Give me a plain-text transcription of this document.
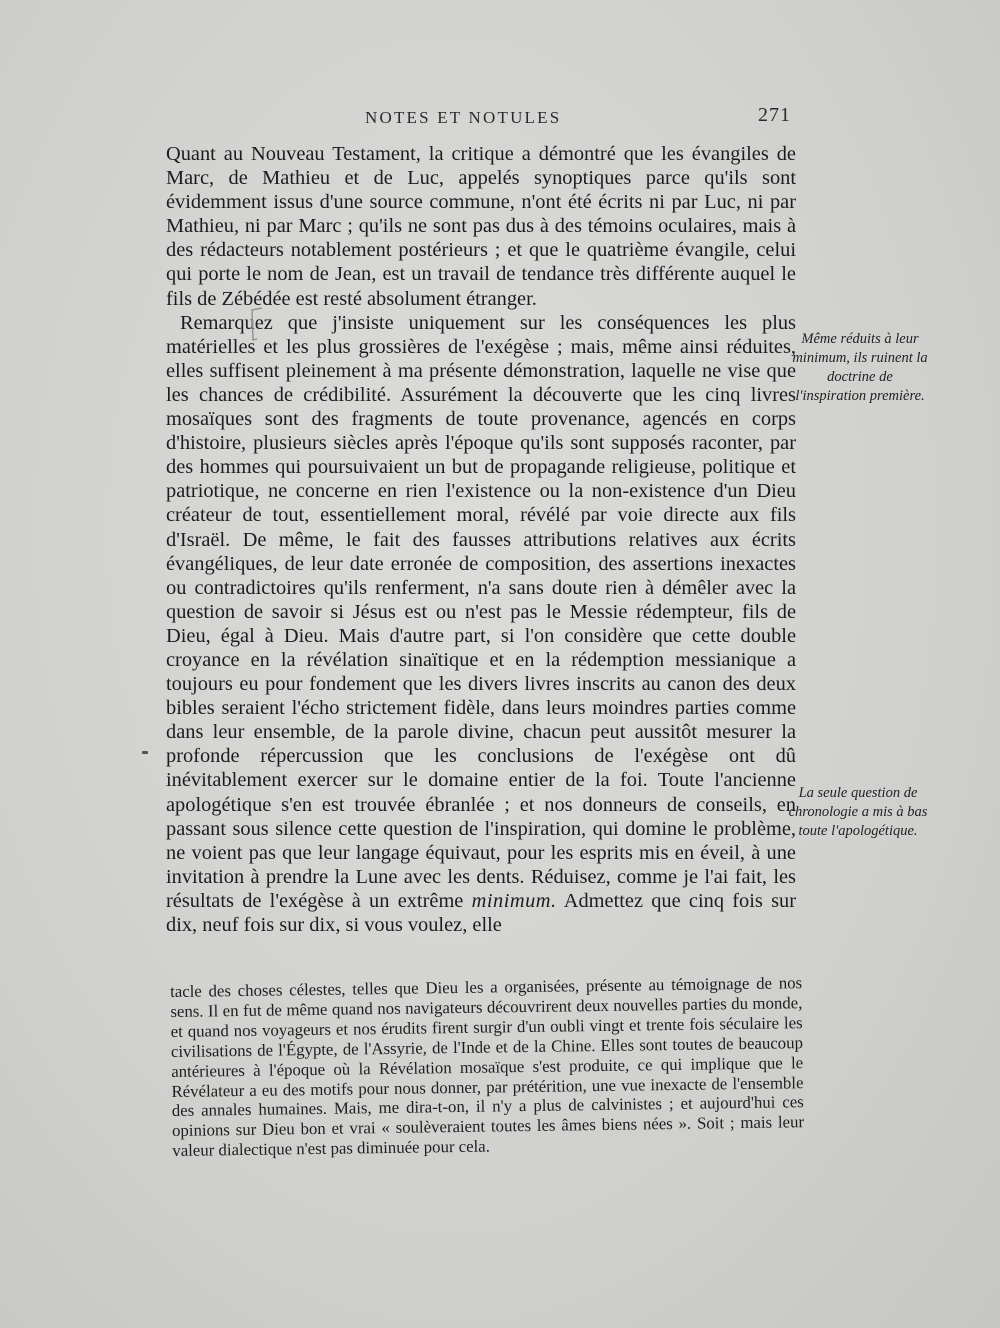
NOTES ET NOTULES	271

Quant au Nouveau Testament, la critique a démontré que les évangiles de Marc, de Mathieu et de Luc, appelés synoptiques parce qu'ils sont évidemment issus d'une source commune, n'ont été écrits ni par Luc, ni par Mathieu, ni par Marc ; qu'ils ne sont pas dus à des témoins oculaires, mais à des rédacteurs notablement postérieurs ; et que le quatrième évangile, celui qui porte le nom de Jean, est un travail de tendance très différente auquel le fils de Zébédée est resté absolument étranger.

Remarquez que j'insiste uniquement sur les conséquences les plus matérielles et les plus grossières de l'exégèse ; mais, même ainsi réduites, elles suffisent pleinement à ma présente démonstration, laquelle ne vise que les chances de crédibilité. Assurément la découverte que les cinq livres mosaïques sont des fragments de toute provenance, agencés en corps d'histoire, plusieurs siècles après l'époque qu'ils sont supposés raconter, par des hommes qui poursuivaient un but de propagande religieuse, politique et patriotique, ne concerne en rien l'existence ou la non-existence d'un Dieu créateur de tout, essentiellement moral, révélé par voie directe aux fils d'Israël. De même, le fait des fausses attributions relatives aux écrits évangéliques, de leur date erronée de composition, des assertions inexactes ou contradictoires qu'ils renferment, n'a sans doute rien à démêler avec la question de savoir si Jésus est ou n'est pas le Messie rédempteur, fils de Dieu, égal à Dieu. Mais d'autre part, si l'on considère que cette double croyance en la révélation sinaïtique et en la rédemption messianique a toujours eu pour fondement que les divers livres inscrits au canon des deux bibles seraient l'écho strictement fidèle, dans leurs moindres parties comme dans leur ensemble, de la parole divine, chacun peut aussitôt mesurer la profonde répercussion que les conclusions de l'exégèse ont dû inévitablement exercer sur le domaine entier de la foi. Toute l'ancienne apologétique s'en est trouvée ébranlée ; et nos donneurs de conseils, en passant sous silence cette question de l'inspiration, qui domine le problème, ne voient pas que leur langage équivaut, pour les esprits mis en éveil, à une invitation à prendre la Lune avec les dents. Réduisez, comme je l'ai fait, les résultats de l'exégèse à un extrême minimum. Admettez que cinq fois sur dix, neuf fois sur dix, si vous voulez, elle

Même réduits à leur minimum, ils ruinent la doctrine de l'inspiration première.
La seule question de chronologie a mis à bas toute l'apologétique.
tacle des choses célestes, telles que Dieu les a organisées, présente au témoignage de nos sens. Il en fut de même quand nos navigateurs découvrirent deux nouvelles parties du monde, et quand nos voyageurs et nos érudits firent surgir d'un oubli vingt et trente fois séculaire les civilisations de l'Égypte, de l'Assyrie, de l'Inde et de la Chine. Elles sont toutes de beaucoup antérieures à l'époque où la Révélation mosaïque s'est produite, ce qui implique que le Révélateur a eu des motifs pour nous donner, par prétérition, une vue inexacte de l'ensemble des annales humaines. Mais, me dira-t-on, il n'y a plus de calvinistes ; et aujourd'hui ces opinions sur Dieu bon et vrai « soulèveraient toutes les âmes biens nées ». Soit ; mais leur valeur dialectique n'est pas diminuée pour cela.
